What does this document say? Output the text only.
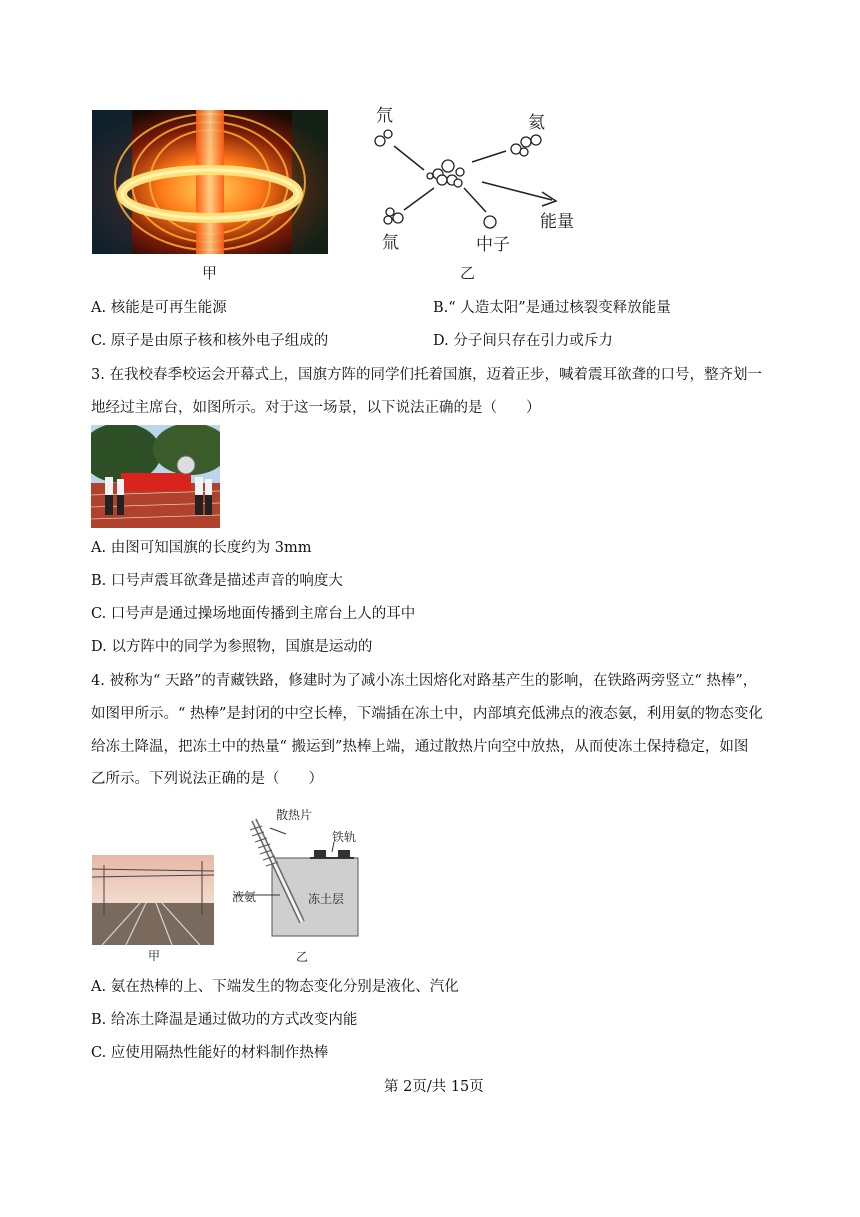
甲
氘	氦
氚	中子
能量
乙
A. 核能是可再生能源	B.“ 人造太阳”是通过核裂变释放能量
C. 原子是由原子核和核外电子组成的	D. 分子间只存在引力或斥力
3. 在我校春季校运会开幕式上，国旗方阵的同学们托着国旗，迈着正步，喊着震耳欲聋的口号，整齐划一
地经过主席台，如图所示。对于这一场景，以下说法正确的是（　　）
A. 由图可知国旗的长度约为 3mm
B. 口号声震耳欲聋是描述声音的响度大
C. 口号声是通过操场地面传播到主席台上人的耳中
D. 以方阵中的同学为参照物，国旗是运动的
4. 被称为“ 天路”的青藏铁路，修建时为了减小冻土因熔化对路基产生的影响，在铁路两旁竖立“ 热棒”，
如图甲所示。“ 热棒”是封闭的中空长棒，下端插在冻土中，内部填充低沸点的液态氨，利用氨的物态变化
给冻土降温，把冻土中的热量“ 搬运到”热棒上端，通过散热片向空中放热，从而使冻土保持稳定，如图
乙所示。下列说法正确的是（　　）
甲
散热片
铁轨
液氨	冻土层
乙
A. 氨在热棒的上、下端发生的物态变化分别是液化、汽化
B. 给冻土降温是通过做功的方式改变内能
C. 应使用隔热性能好的材料制作热棒
第 2页/共 15页
